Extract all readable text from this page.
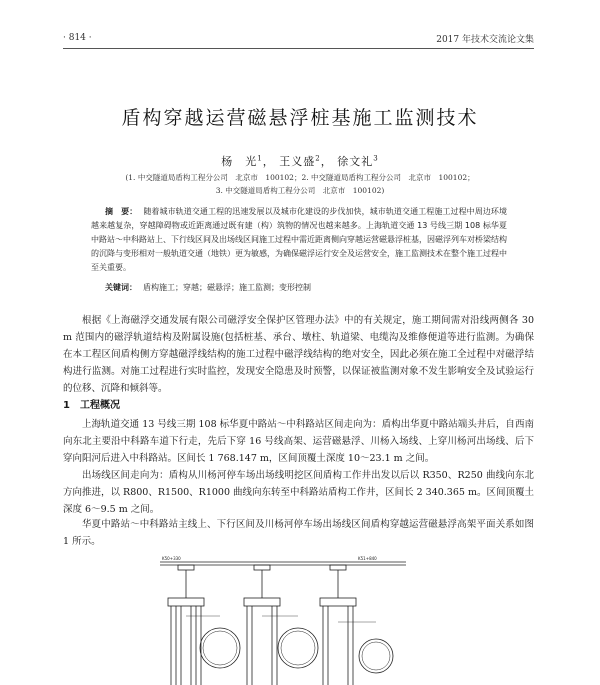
· 814 ·	2017 年技术交流论文集
盾构穿越运营磁悬浮桩基施工监测技术
杨　光$^1$， 王义盛$^2$， 徐文礼$^3$
(1. 中交隧道局盾构工程分公司　北京市　100102；2. 中交隧道局盾构工程分公司　北京市　100102；
3. 中交隧道局盾构工程分公司　北京市　100102)
摘　要： 随着城市轨道交通工程的迅速发展以及城市化建设的步伐加快，城市轨道交通工程施工过程中周边环境越来越复杂，穿越障碍物或近距离通过既有建（构）筑物的情况也越来越多。上海轨道交通 13 号线三期 108 标华夏中路站～中科路站上、下行线区间及出场线区间施工过程中需近距离侧向穿越运营磁悬浮桩基，因磁浮列车对桥梁结构的沉降与变形相对一般轨道交通（地铁）更为敏感，为确保磁浮运行安全及运营安全，施工监测技术在整个施工过程中至关重要。
关键词： 盾构施工；穿越；磁悬浮；施工监测；变形控制
根据《上海磁浮交通发展有限公司磁浮安全保护区管理办法》中的有关规定，施工期间需对沿线两侧各 30 m 范围内的磁浮轨道结构及附属设施(包括桩基、承台、墩柱、轨道梁、电缆沟及维修便道等进行监测。为确保在本工程区间盾构侧方穿越磁浮线结构的施工过程中磁浮线结构的绝对安全，因此必须在施工全过程中对磁浮结构进行监测。对施工过程进行实时监控，发现安全隐患及时预警，以保证被监测对象不发生影响安全及试验运行的位移、沉降和倾斜等。
1　工程概况
上海轨道交通 13 号线三期 108 标华夏中路站～中科路站区间走向为：盾构出华夏中路站端头井后，自西南向东北主要沿中科路车道下行走，先后下穿 16 号线高架、运营磁悬浮、川杨入场线、上穿川杨河出场线、后下穿向阳河后进入中科路站。区间长 1 768.147 m，区间顶覆土深度 10～23.1 m 之间。
出场线区间走向为：盾构从川杨河停车场出场线明挖区间盾构工作井出发以后以 R350、R250 曲线向东北方向推进，以 R800、R1500、R1000 曲线向东转至中科路站盾构工作井，区间长 2 340.365 m。区间顶覆土深度 6～9.5 m 之间。
华夏中路站～中科路站主线上、下行区间及川杨河停车场出场线区间盾构穿越运营磁悬浮高架平面关系如图 1 所示。
K50+330	K51+840
